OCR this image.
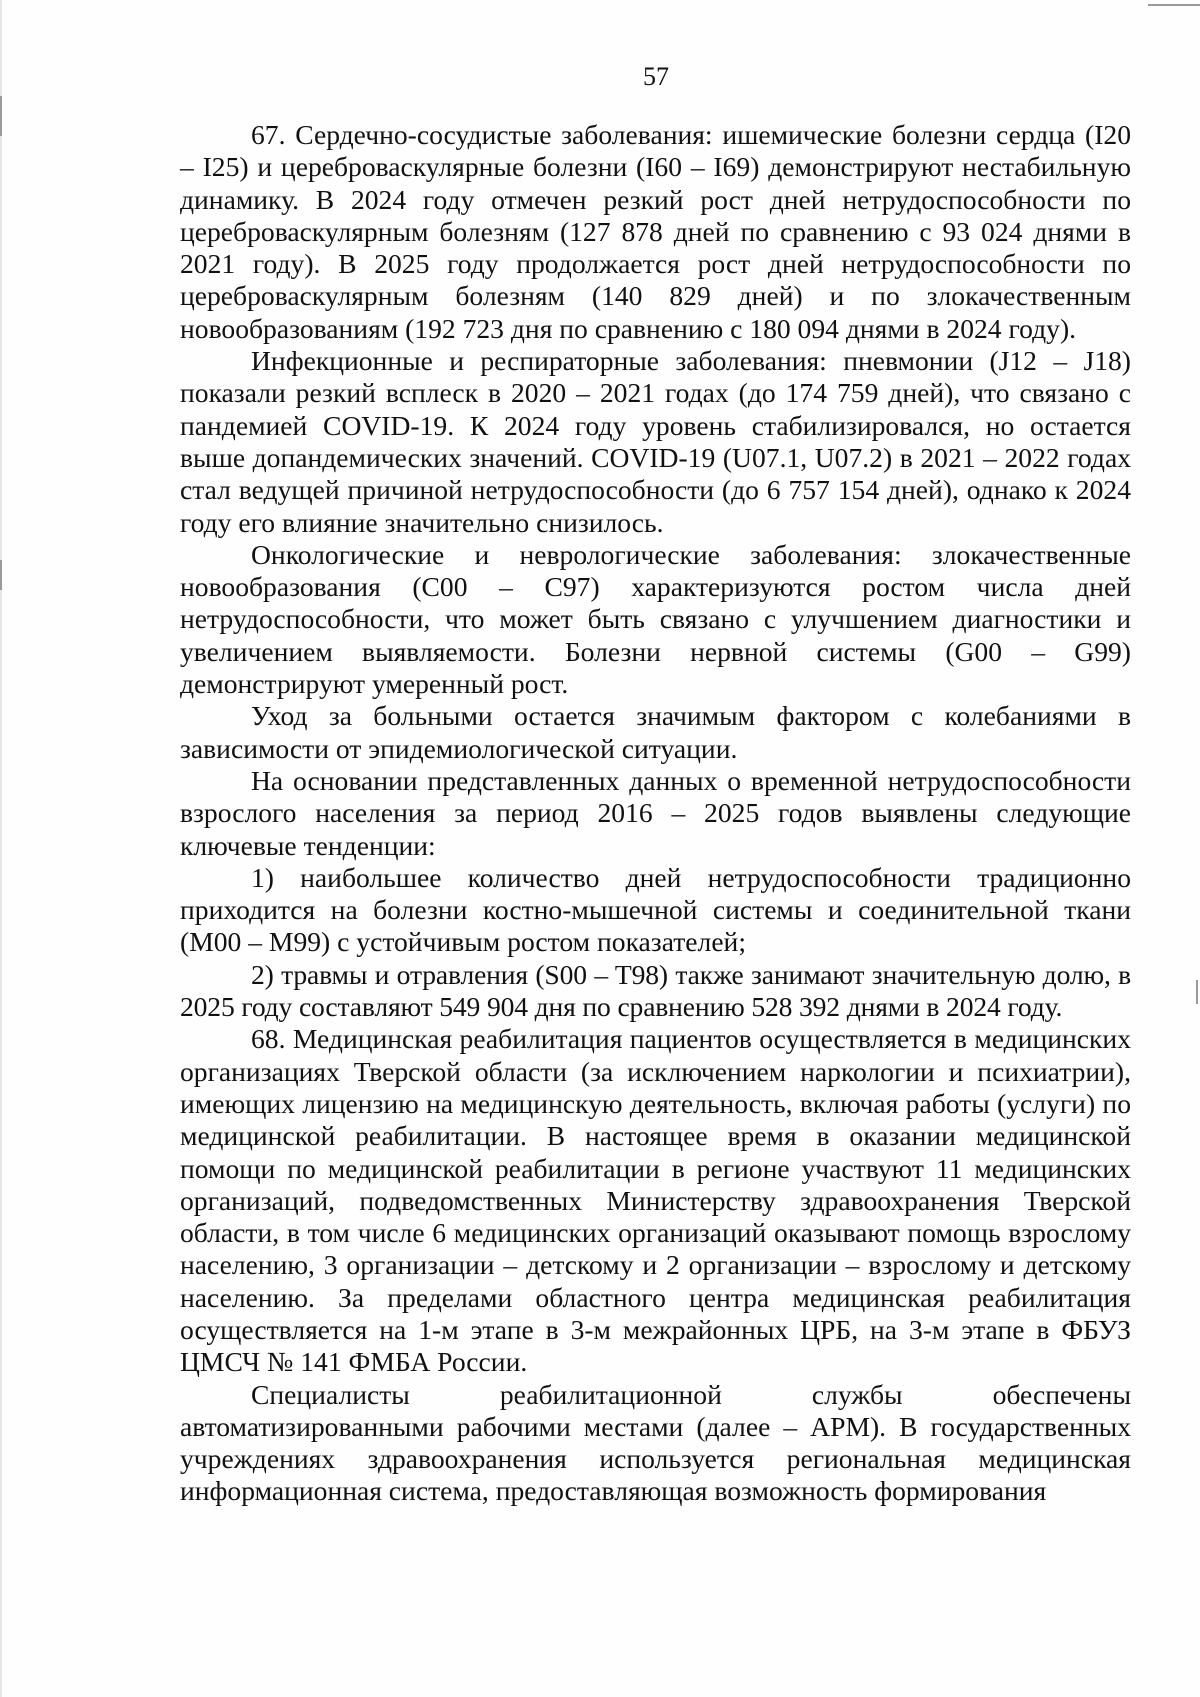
57

67. Сердечно-сосудистые заболевания: ишемические болезни сердца (I20 – I25) и цереброваскулярные болезни (I60 – I69) демонстрируют нестабильную динамику. В 2024 году отмечен резкий рост дней нетрудоспособности по цереброваскулярным болезням (127 878 дней по сравнению с 93 024 днями в 2021 году). В 2025 году продолжается рост дней нетрудоспособности по цереброваскулярным болезням (140 829 дней) и по злокачественным новообразованиям (192 723 дня по сравнению с 180 094 днями в 2024 году).

Инфекционные и респираторные заболевания: пневмонии (J12 – J18) показали резкий всплеск в 2020 – 2021 годах (до 174 759 дней), что связано с пандемией COVID-19. К 2024 году уровень стабилизировался, но остается выше допандемических значений. COVID-19 (U07.1, U07.2) в 2021 – 2022 годах стал ведущей причиной нетрудоспособности (до 6 757 154 дней), однако к 2024 году его влияние значительно снизилось.

Онкологические и неврологические заболевания: злокачественные новообразования (C00 – C97) характеризуются ростом числа дней нетрудоспособности, что может быть связано с улучшением диагностики и увеличением выявляемости. Болезни нервной системы (G00 – G99) демонстрируют умеренный рост.

Уход за больными остается значимым фактором с колебаниями в зависимости от эпидемиологической ситуации.

На основании представленных данных о временной нетрудоспособности взрослого населения за период 2016 – 2025 годов выявлены следующие ключевые тенденции:

1) наибольшее количество дней нетрудоспособности традиционно приходится на болезни костно-мышечной системы и соединительной ткани (M00 – M99) с устойчивым ростом показателей;

2) травмы и отравления (S00 – T98) также занимают значительную долю, в 2025 году составляют 549 904 дня по сравнению 528 392 днями в 2024 году.

68. Медицинская реабилитация пациентов осуществляется в медицинских организациях Тверской области (за исключением наркологии и психиатрии), имеющих лицензию на медицинскую деятельность, включая работы (услуги) по медицинской реабилитации. В настоящее время в оказании медицинской помощи по медицинской реабилитации в регионе участвуют 11 медицинских организаций, подведомственных Министерству здравоохранения Тверской области, в том числе 6 медицинских организаций оказывают помощь взрослому населению, 3 организации – детскому и 2 организации – взрослому и детскому населению. За пределами областного центра медицинская реабилитация осуществляется на 1-м этапе в 3-м межрайонных ЦРБ, на 3-м этапе в ФБУЗ ЦМСЧ № 141 ФМБА России.

Специалисты реабилитационной службы обеспечены автоматизированными рабочими местами (далее – АРМ). В государственных учреждениях здравоохранения используется региональная медицинская информационная система, предоставляющая возможность формирования
